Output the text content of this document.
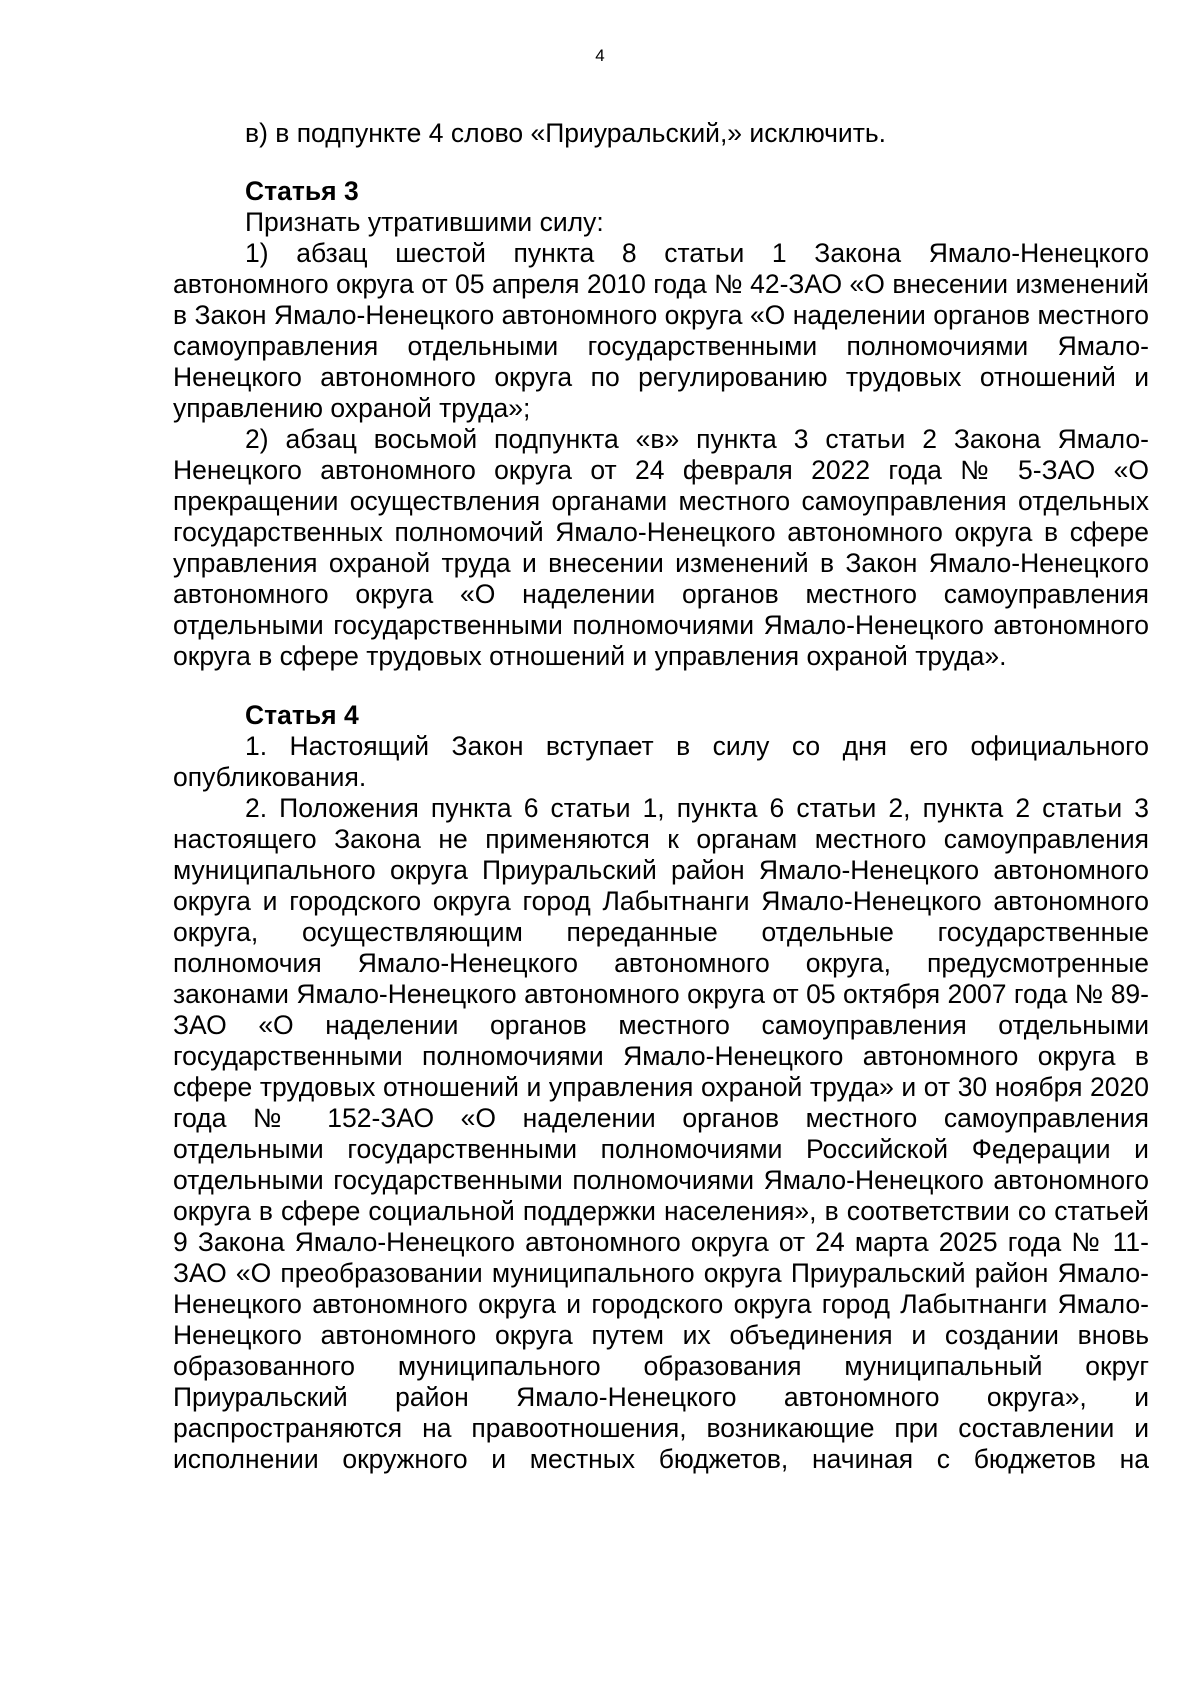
4

в) в подпункте 4 слово «Приуральский,» исключить.

Статья 3

Признать утратившими силу:

1) абзац шестой пункта 8 статьи 1 Закона Ямало-Ненецкого автономного округа от 05 апреля 2010 года № 42-ЗАО «О внесении изменений в Закон Ямало-Ненецкого автономного округа «О наделении органов местного самоуправления отдельными государственными полномочиями Ямало-Ненецкого автономного округа по регулированию трудовых отношений и управлению охраной труда»;

2) абзац восьмой подпункта «в» пункта 3 статьи 2 Закона Ямало-Ненецкого автономного округа от 24 февраля 2022 года № 5-ЗАО «О прекращении осуществления органами местного самоуправления отдельных государственных полномочий Ямало-Ненецкого автономного округа в сфере управления охраной труда и внесении изменений в Закон Ямало-Ненецкого автономного округа «О наделении органов местного самоуправления отдельными государственными полномочиями Ямало-Ненецкого автономного округа в сфере трудовых отношений и управления охраной труда».

Статья 4

1. Настоящий Закон вступает в силу со дня его официального опубликования.

2. Положения пункта 6 статьи 1, пункта 6 статьи 2, пункта 2 статьи 3 настоящего Закона не применяются к органам местного самоуправления муниципального округа Приуральский район Ямало-Ненецкого автономного округа и городского округа город Лабытнанги Ямало-Ненецкого автономного округа, осуществляющим переданные отдельные государственные полномочия Ямало-Ненецкого автономного округа, предусмотренные законами Ямало-Ненецкого автономного округа от 05 октября 2007 года № 89-ЗАО «О наделении органов местного самоуправления отдельными государственными полномочиями Ямало-Ненецкого автономного округа в сфере трудовых отношений и управления охраной труда» и от 30 ноября 2020 года № 152-ЗАО «О наделении органов местного самоуправления отдельными государственными полномочиями Российской Федерации и отдельными государственными полномочиями Ямало-Ненецкого автономного округа в сфере социальной поддержки населения», в соответствии со статьей 9 Закона Ямало-Ненецкого автономного округа от 24 марта 2025 года № 11-ЗАО «О преобразовании муниципального округа Приуральский район Ямало-Ненецкого автономного округа и городского округа город Лабытнанги Ямало-Ненецкого автономного округа путем их объединения и создании вновь образованного муниципального образования муниципальный округ Приуральский район Ямало-Ненецкого автономного округа», и распространяются на правоотношения, возникающие при составлении и исполнении окружного и местных бюджетов, начиная с бюджетов на
